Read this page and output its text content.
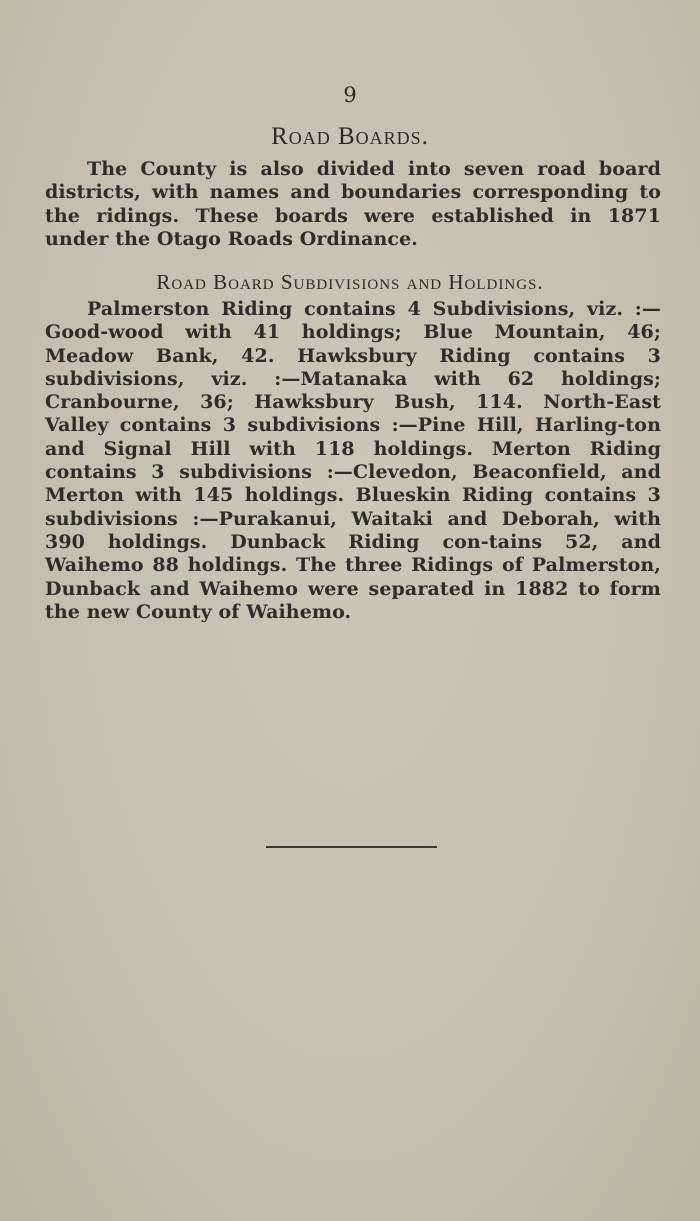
9
Road Boards.

The County is also divided into seven road board districts, with names and boundaries corresponding to the ridings. These boards were established in 1871 under the Otago Roads Ordinance.

Road Board Subdivisions and Holdings.

Palmerston Riding contains 4 Subdivisions, viz. :—Good-wood with 41 holdings; Blue Mountain, 46; Meadow Bank, 42. Hawksbury Riding contains 3 subdivisions, viz. :—Matanaka with 62 holdings; Cranbourne, 36; Hawksbury Bush, 114. North-East Valley contains 3 subdivisions :—Pine Hill, Harling-ton and Signal Hill with 118 holdings. Merton Riding contains 3 subdivisions :—Clevedon, Beaconfield, and Merton with 145 holdings. Blueskin Riding contains 3 subdivisions :—Purakanui, Waitaki and Deborah, with 390 holdings. Dunback Riding con-tains 52, and Waihemo 88 holdings. The three Ridings of Palmerston, Dunback and Waihemo were separated in 1882 to form the new County of Waihemo.
